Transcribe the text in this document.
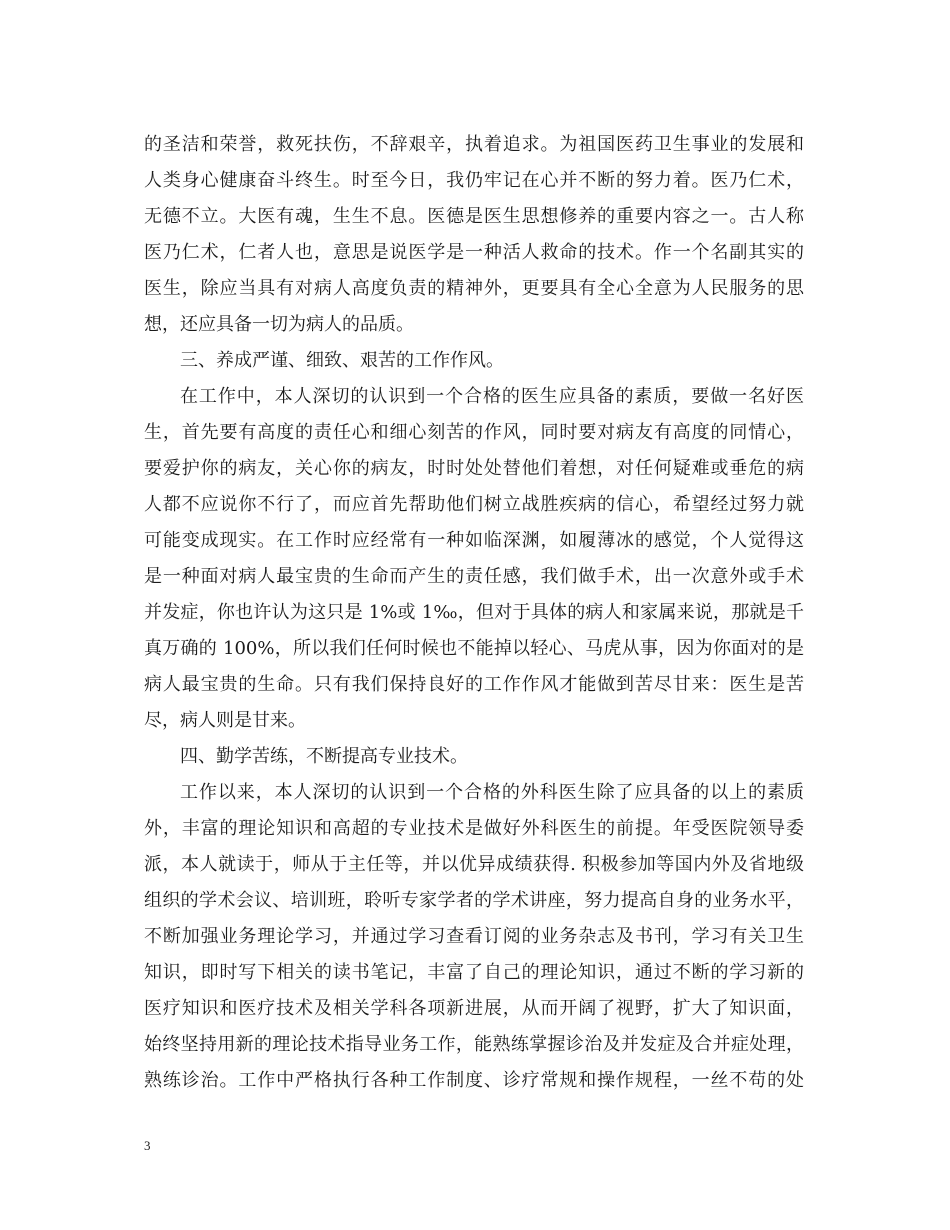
的圣洁和荣誉，救死扶伤，不辞艰辛，执着追求。为祖国医药卫生事业的发展和
人类身心健康奋斗终生。时至今日，我仍牢记在心并不断的努力着。医乃仁术，
无德不立。大医有魂，生生不息。医德是医生思想修养的重要内容之一。古人称
医乃仁术，仁者人也，意思是说医学是一种活人救命的技术。作一个名副其实的
医生，除应当具有对病人高度负责的精神外，更要具有全心全意为人民服务的思
想，还应具备一切为病人的品质。
三、养成严谨、细致、艰苦的工作作风。
在工作中，本人深切的认识到一个合格的医生应具备的素质，要做一名好医
生，首先要有高度的责任心和细心刻苦的作风，同时要对病友有高度的同情心，
要爱护你的病友，关心你的病友，时时处处替他们着想，对任何疑难或垂危的病
人都不应说你不行了，而应首先帮助他们树立战胜疾病的信心，希望经过努力就
可能变成现实。在工作时应经常有一种如临深渊，如履薄冰的感觉，个人觉得这
是一种面对病人最宝贵的生命而产生的责任感，我们做手术，出一次意外或手术
并发症，你也许认为这只是 1%或 1‰，但对于具体的病人和家属来说，那就是千
真万确的 100%，所以我们任何时候也不能掉以轻心、马虎从事，因为你面对的是
病人最宝贵的生命。只有我们保持良好的工作作风才能做到苦尽甘来：医生是苦
尽，病人则是甘来。
四、勤学苦练，不断提高专业技术。
工作以来，本人深切的认识到一个合格的外科医生除了应具备的以上的素质
外，丰富的理论知识和高超的专业技术是做好外科医生的前提。年受医院领导委
派，本人就读于，师从于主任等，并以优异成绩获得. 积极参加等国内外及省地级
组织的学术会议、培训班，聆听专家学者的学术讲座，努力提高自身的业务水平，
不断加强业务理论学习，并通过学习查看订阅的业务杂志及书刊，学习有关卫生
知识，即时写下相关的读书笔记，丰富了自己的理论知识，通过不断的学习新的
医疗知识和医疗技术及相关学科各项新进展，从而开阔了视野，扩大了知识面，
始终坚持用新的理论技术指导业务工作，能熟练掌握诊治及并发症及合并症处理，
熟练诊治。工作中严格执行各种工作制度、诊疗常规和操作规程，一丝不苟的处
3
